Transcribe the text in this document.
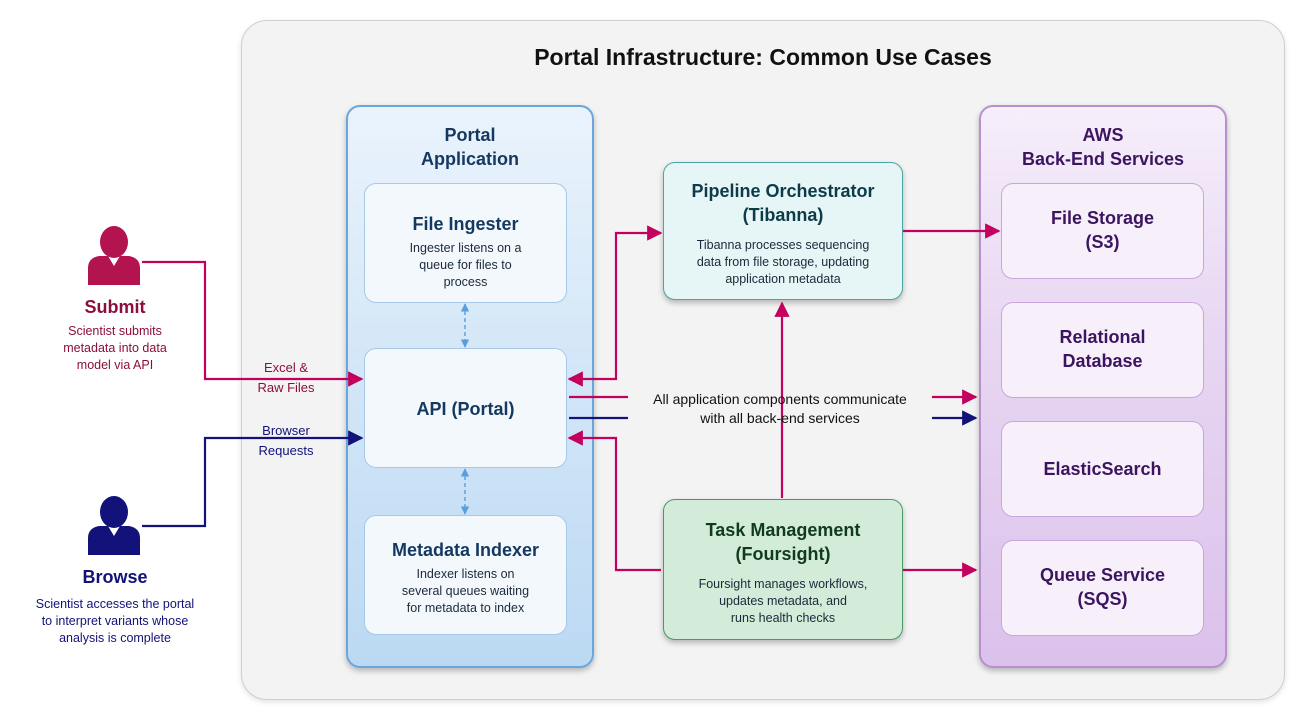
Portal Infrastructure: Common Use Cases
Portal
Application
File Ingester
Ingester listens on a
queue for files to
process
API (Portal)
Metadata Indexer
Indexer listens on
several queues waiting
for metadata to index
AWS
Back-End Services
File Storage
(S3)
Relational
Database
ElasticSearch
Queue Service
(SQS)
Pipeline Orchestrator
(Tibanna)
Tibanna processes sequencing
data from file storage, updating
application metadata
Task Management
(Foursight)
Foursight manages workflows,
updates metadata, and
runs health checks
Submit
Scientist submits
metadata into data
model via API
Browse
Scientist accesses the portal
to interpret variants whose
analysis is complete
Excel &
Raw Files
Browser
Requests
All application components communicate
with all back-end services
